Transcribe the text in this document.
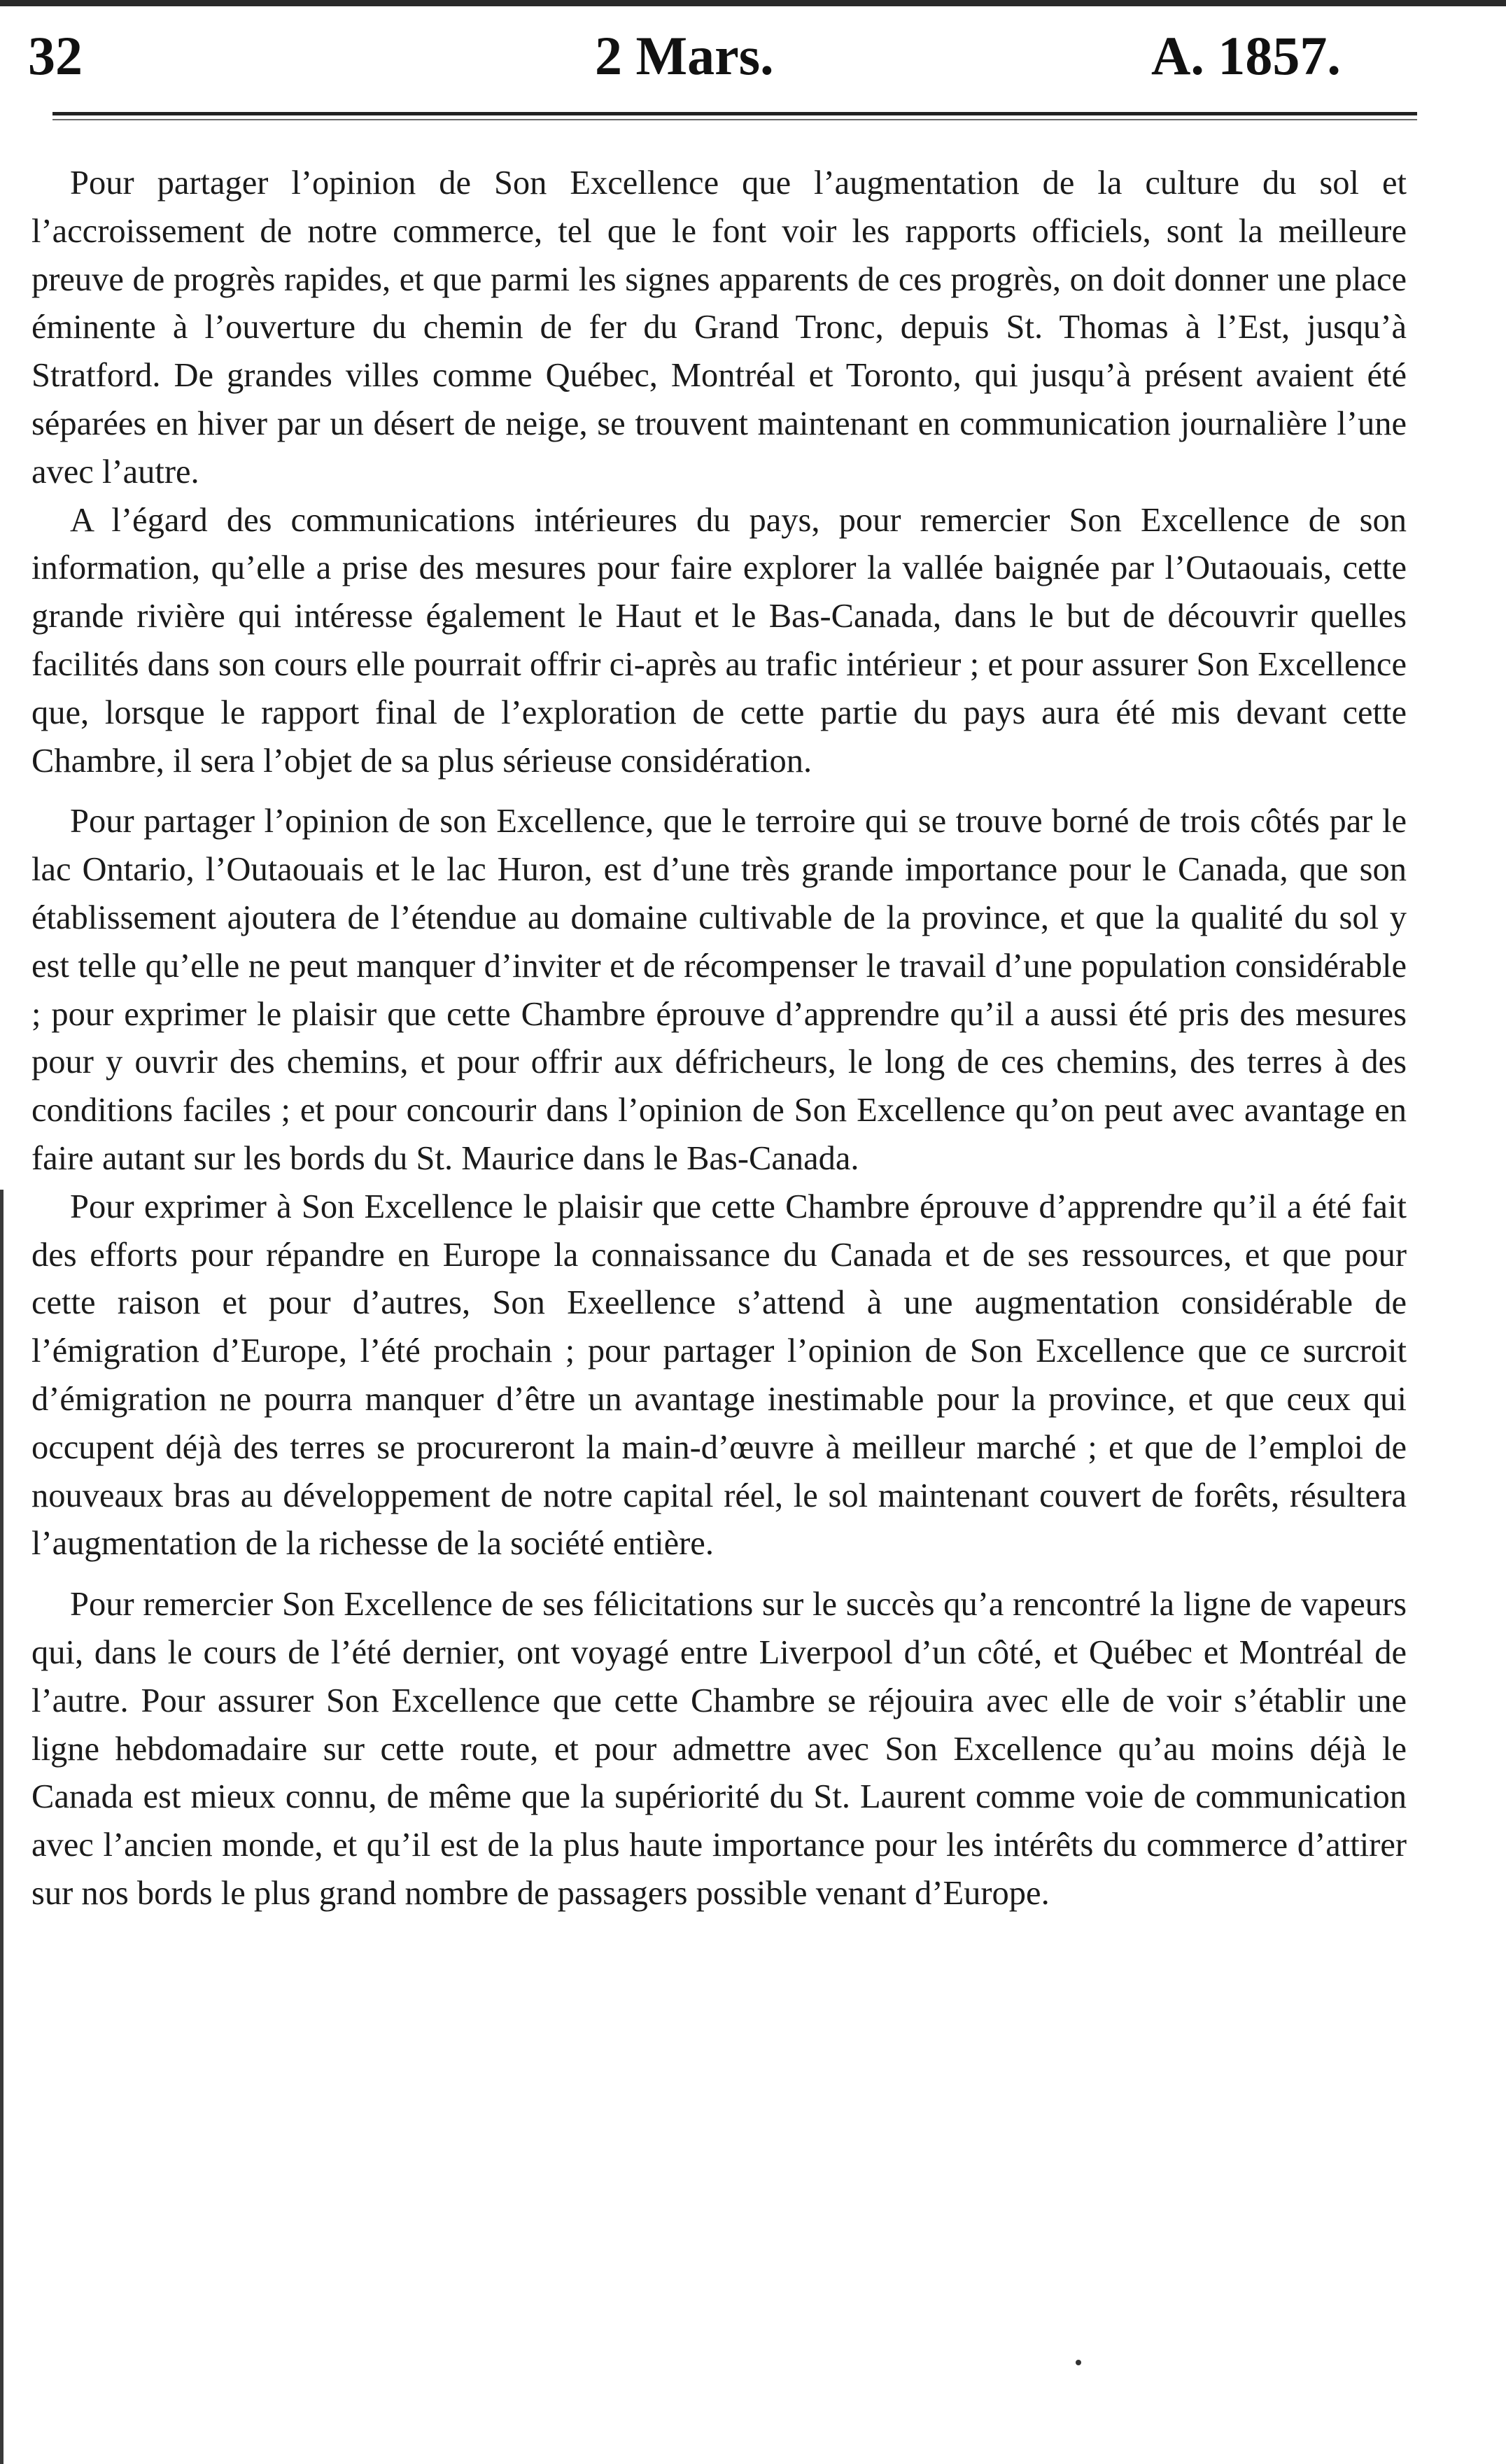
32	2 Mars.	A. 1857.

Pour partager l’opinion de Son Excellence que l’augmentation de la culture du sol et l’accroissement de notre commerce, tel que le font voir les rapports officiels, sont la meilleure preuve de progrès rapides, et que parmi les signes apparents de ces progrès, on doit donner une place éminente à l’ouverture du chemin de fer du Grand Tronc, depuis St. Thomas à l’Est, jusqu’à Stratford. De grandes villes comme Québec, Montréal et Toronto, qui jusqu’à présent avaient été séparées en hiver par un désert de neige, se trouvent maintenant en communication journalière l’une avec l’autre.

A l’égard des communications intérieures du pays, pour remercier Son Excellence de son information, qu’elle a prise des mesures pour faire explorer la vallée baignée par l’Outaouais, cette grande rivière qui intéresse également le Haut et le Bas-Canada, dans le but de découvrir quelles facilités dans son cours elle pourrait offrir ci-après au trafic intérieur ; et pour assurer Son Excellence que, lorsque le rapport final de l’exploration de cette partie du pays aura été mis devant cette Chambre, il sera l’objet de sa plus sérieuse considération.

Pour partager l’opinion de son Excellence, que le terroire qui se trouve borné de trois côtés par le lac Ontario, l’Outaouais et le lac Huron, est d’une très grande importance pour le Canada, que son établissement ajoutera de l’étendue au domaine cultivable de la province, et que la qualité du sol y est telle qu’elle ne peut manquer d’inviter et de récompenser le travail d’une population considérable ; pour exprimer le plaisir que cette Chambre éprouve d’apprendre qu’il a aussi été pris des mesures pour y ouvrir des chemins, et pour offrir aux défricheurs, le long de ces chemins, des terres à des conditions faciles ; et pour concourir dans l’opinion de Son Excellence qu’on peut avec avantage en faire autant sur les bords du St. Maurice dans le Bas-Canada.

Pour exprimer à Son Excellence le plaisir que cette Chambre éprouve d’apprendre qu’il a été fait des efforts pour répandre en Europe la connaissance du Canada et de ses ressources, et que pour cette raison et pour d’autres, Son Exeellence s’attend à une augmentation considérable de l’émigration d’Europe, l’été prochain ; pour partager l’opinion de Son Excellence que ce surcroit d’émigration ne pourra manquer d’être un avantage inestimable pour la province, et que ceux qui occupent déjà des terres se procureront la main-d’œuvre à meilleur marché ; et que de l’emploi de nouveaux bras au développement de notre capital réel, le sol maintenant couvert de forêts, résultera l’augmentation de la richesse de la société entière.

Pour remercier Son Excellence de ses félicitations sur le succès qu’a rencontré la ligne de vapeurs qui, dans le cours de l’été dernier, ont voyagé entre Liverpool d’un côté, et Québec et Montréal de l’autre. Pour assurer Son Excellence que cette Chambre se réjouira avec elle de voir s’établir une ligne hebdomadaire sur cette route, et pour admettre avec Son Excellence qu’au moins déjà le Canada est mieux connu, de même que la supériorité du St. Laurent comme voie de communication avec l’ancien monde, et qu’il est de la plus haute importance pour les intérêts du commerce d’attirer sur nos bords le plus grand nombre de passagers possible venant d’Europe.
